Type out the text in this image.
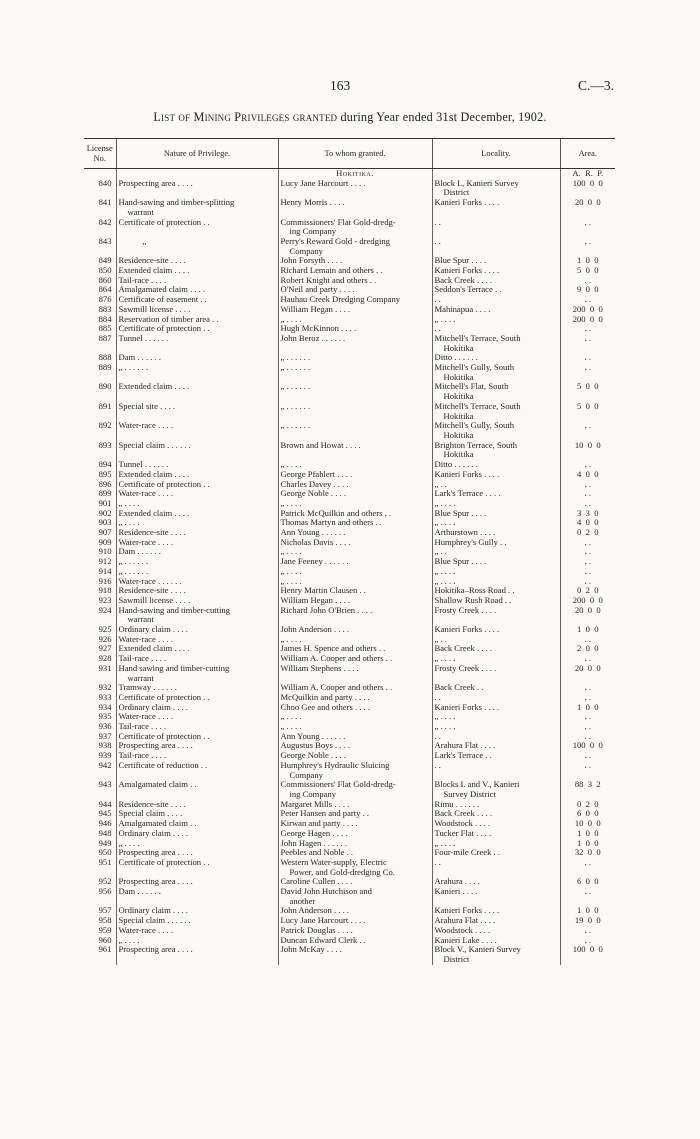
163	C.—3.
List of Mining Privileges granted during Year ended 31st December, 1902.
License No.	Nature of Privilege.	To whom granted.	Locality.	Area.
		Hokitika.		A.  R.  P.
840	Prospecting area . . . .	Lucy Jane Harcourt . . . .	Block I., Kanieri Survey
District	100  0  0
841	Hand-sawing and timber-splitting
warrant	Henry Morris . . . .	Kanieri Forks . . . .	20  0  0
842	Certificate of protection . .	Commissioners' Flat Gold-dredg-
ing Company	. .	. .
843	„	Perry's Reward Gold - dredging
Company	. .	. .
849	Residence-site . . . .	John Forsyth . . . .	Blue Spur . . . .	1  0  0
850	Extended claim . . . .	Richard Lemain and others . .	Kanieri Forks . . . .	5  0  0
860	Tail-race . . . .	Robert Knight and others . .	Back Creek . . . .	. .
864	Amalgamated claim . . . .	O'Neil and party . . . .	Seddon's Terrace . .	9  0  0
876	Certificate of easement . .	Hauhau Creek Dredging Company	. .	. .
883	Sawmill license . . . .	William Hegan . . . .	Mahinapua . . . .	200  0  0
884	Reservation of timber area . .	„ . . . .	„ . . . .	200  0  0
885	Certificate of protection . .	Hugh McKinnon . . . .	. .	. .
887	Tunnel . . . . . .	John Beroz . . . . . .	Mitchell's Terrace, South
Hokitika	. .
888	Dam . . . . . .	„ . . . . . .	Ditto . . . . . .	. .
889	„ . . . . . .	„ . . . . . .	Mitchell's Gully, South
Hokitika	. .
890	Extended claim . . . .	„ . . . . . .	Mitchell's Flat, South
Hokitika	5  0  0
891	Special site . . . .	„ . . . . . .	Mitchell's Terrace, South
Hokitika	5  0  0
892	Water-race . . . .	„ . . . . . .	Mitchell's Gully, South
Hokitika	. .
893	Special claim . . . . . .	Brown and Howat . . . .	Brighton Terrace, South
Hokitika	10  0  0
894	Tunnel . . . . . .	„ . . . .	Ditto . . . . . .	. .
895	Extended claim . . . .	George Pfahlert . . . .	Kanieri Forks . . . .	4  0  0
896	Certificate of protection . .	Charles Davey . . . .	„ . .	. .
899	Water-race . . . .	George Noble . . . .	Lark's Terrace . . . .	. .
901	„ . . . .	„ . . . .	„ . . . .	. .
902	Extended claim . . . .	Patrick McQuilkin and others . .	Blue Spur . . . .	3  3  0
903	„ . . . .	Thomas Martyn and others . .	„ . . . .	4  0  0
907	Residence-site . . . .	Ann Young . . . . . .	Arthurstown . . . .	0  2  0
909	Water-race . . . .	Nicholas Davis . . . .	Humphrey's Gully . .	. .
910	Dam . . . . . .	„ . . . .	„ . .	. .
912	„ . . . . . .	Jane Feeney . . . . . .	Blue Spur . . . .	. .
914	„ . . . . . .	„ . . . .	„ . . . .	. .
916	Water-race . . . . . .	„ . . . .	„ . . . .	. .
918	Residence-site . . . .	Henry Martin Clausen . .	Hokitika–Ross Road . .	0  2  0
923	Sawmill license . . . .	William Hegan . . . .	Shallow Rush Road . .	200  0  0
924	Hand-sawing and timber-cutting
warrant	Richard John O'Brien . . . .	Frosty Creek . . . .	20  0  0
925	Ordinary claim . . . .	John Anderson . . . .	Kanieri Forks . . . .	1  0  0
926	Water-race . . . .	„ . . . .	„ . .	. .
927	Extended claim . . . .	James H. Spence and others . .	Back Creek . . . .	2  0  0
928	Tail-race . . . .	William A. Cooper and others . .	„ . . . .	. .
931	Hand sawing and timber-cutting
warrant	William Stephens . . . .	Frosty Creek . . . .	20  0  0
932	Tramway . . . . . .	William A. Cooper and others . .	Back Creek . .	. .
933	Certificate of protection . .	McQuilkin and party . . . .	. .	. .
934	Ordinary claim . . . .	Choo Gee and others . . . .	Kanieri Forks . . . .	1  0  0
935	Water-race . . . .	„ . . . .	„ . . . .	. .
936	Tail-race . . . .	„ . . . .	„ . . . .	. .
937	Certificate of protection . .	Ann Young . . . . . .	. .	. .
938	Prospecting area . . . .	Augustus Boys . . . .	Arahura Flat . . . .	100  0  0
939	Tail-race . . . .	George Noble . . . .	Lark's Terrace . .	. .
942	Certificate of reduction . .	Humphrey's Hydraulic Sluicing
Company	. .	. .
943	Amalgamated claim . .	Commissioners' Flat Gold-dredg-
ing Company	Blocks I. and V., Kanieri
Survey District	88  3  2
944	Residence-site . . . .	Margaret Mills . . . .	Rimu . . . . . .	0  2  0
945	Special claim . . . .	Peter Hansen and party . .	Back Creek . . . .	6  0  0
946	Amalgamated claim . .	Kirwan and party . . . .	Woodstock . . . .	10  0  0
948	Ordinary claim . . . .	George Hagen . . . .	Tucker Flat . . . .	1  0  0
949	„ . . . .	John Hagen . . . . . .	„ . . . .	1  0  0
950	Prospecting area . . . .	Peebles and Noble . .	Four-mile Creek . .	32  0  0
951	Certificate of protection . .	Western Water-supply, Electric
Power, and Gold-dredging Co.	. .	. .
952	Prospecting area . . . .	Caroline Cullen . . . .	Arahura . . . .	6  0  0
956	Dam . . . . . .	David John Hutchison and
another	Kanieri . . . .	. .
957	Ordinary claim . . . .	John Anderson . . . .	Kanieri Forks . . . .	1  0  0
958	Special claim . . . . . .	Lucy Jane Harcourt . . . .	Arahura Flat . . . .	19  0  0
959	Water-race . . . .	Patrick Douglas . . . .	Woodstock . . . .	. .
960	„ . . . .	Duncan Edward Clerk . .	Kanieri Lake . . . .	. .
961	Prospecting area . . . .	John McKay . . . .	Block V., Kanieri Survey
District	100  0  0
